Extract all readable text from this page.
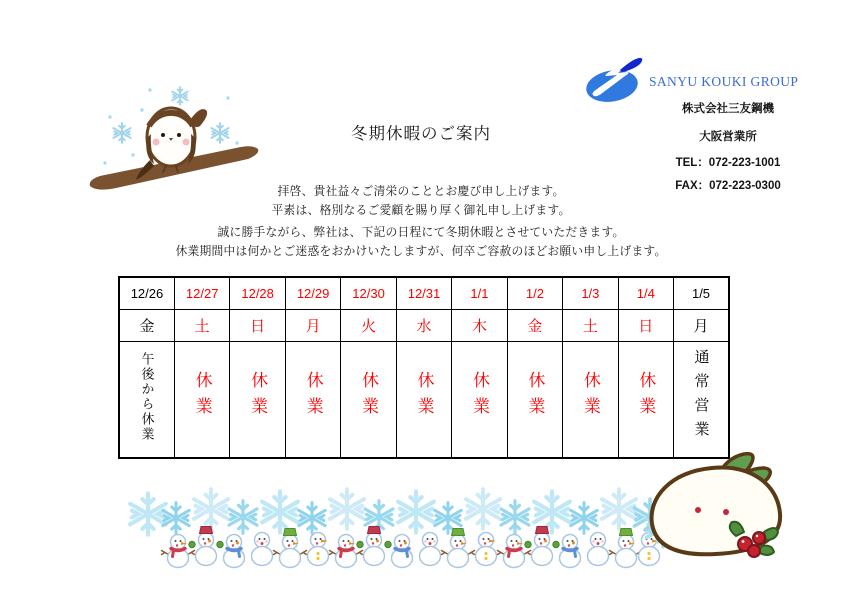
冬期休暇のご案内
SANYU KOUKI GROUP
株式会社三友鋼機
大阪営業所
TEL：072-223-1001
FAX：072-223-0300
拝啓、貴社益々ご清栄のこととお慶び申し上げます。
平素は、格別なるご愛顧を賜り厚く御礼申し上げます。
誠に勝手ながら、弊社は、下記の日程にて冬期休暇とさせていただきます。
休業期間中は何かとご迷惑をおかけいたしますが、何卒ご容赦のほどお願い申し上げます。
12/26	12/27	12/28	12/29	12/30	12/31	1/1	1/2	1/3	1/4	1/5
金	土	日	月	火	水	木	金	土	日	月
午後から休業	休業	休業	休業	休業	休業	休業	休業	休業	休業	通常営業
